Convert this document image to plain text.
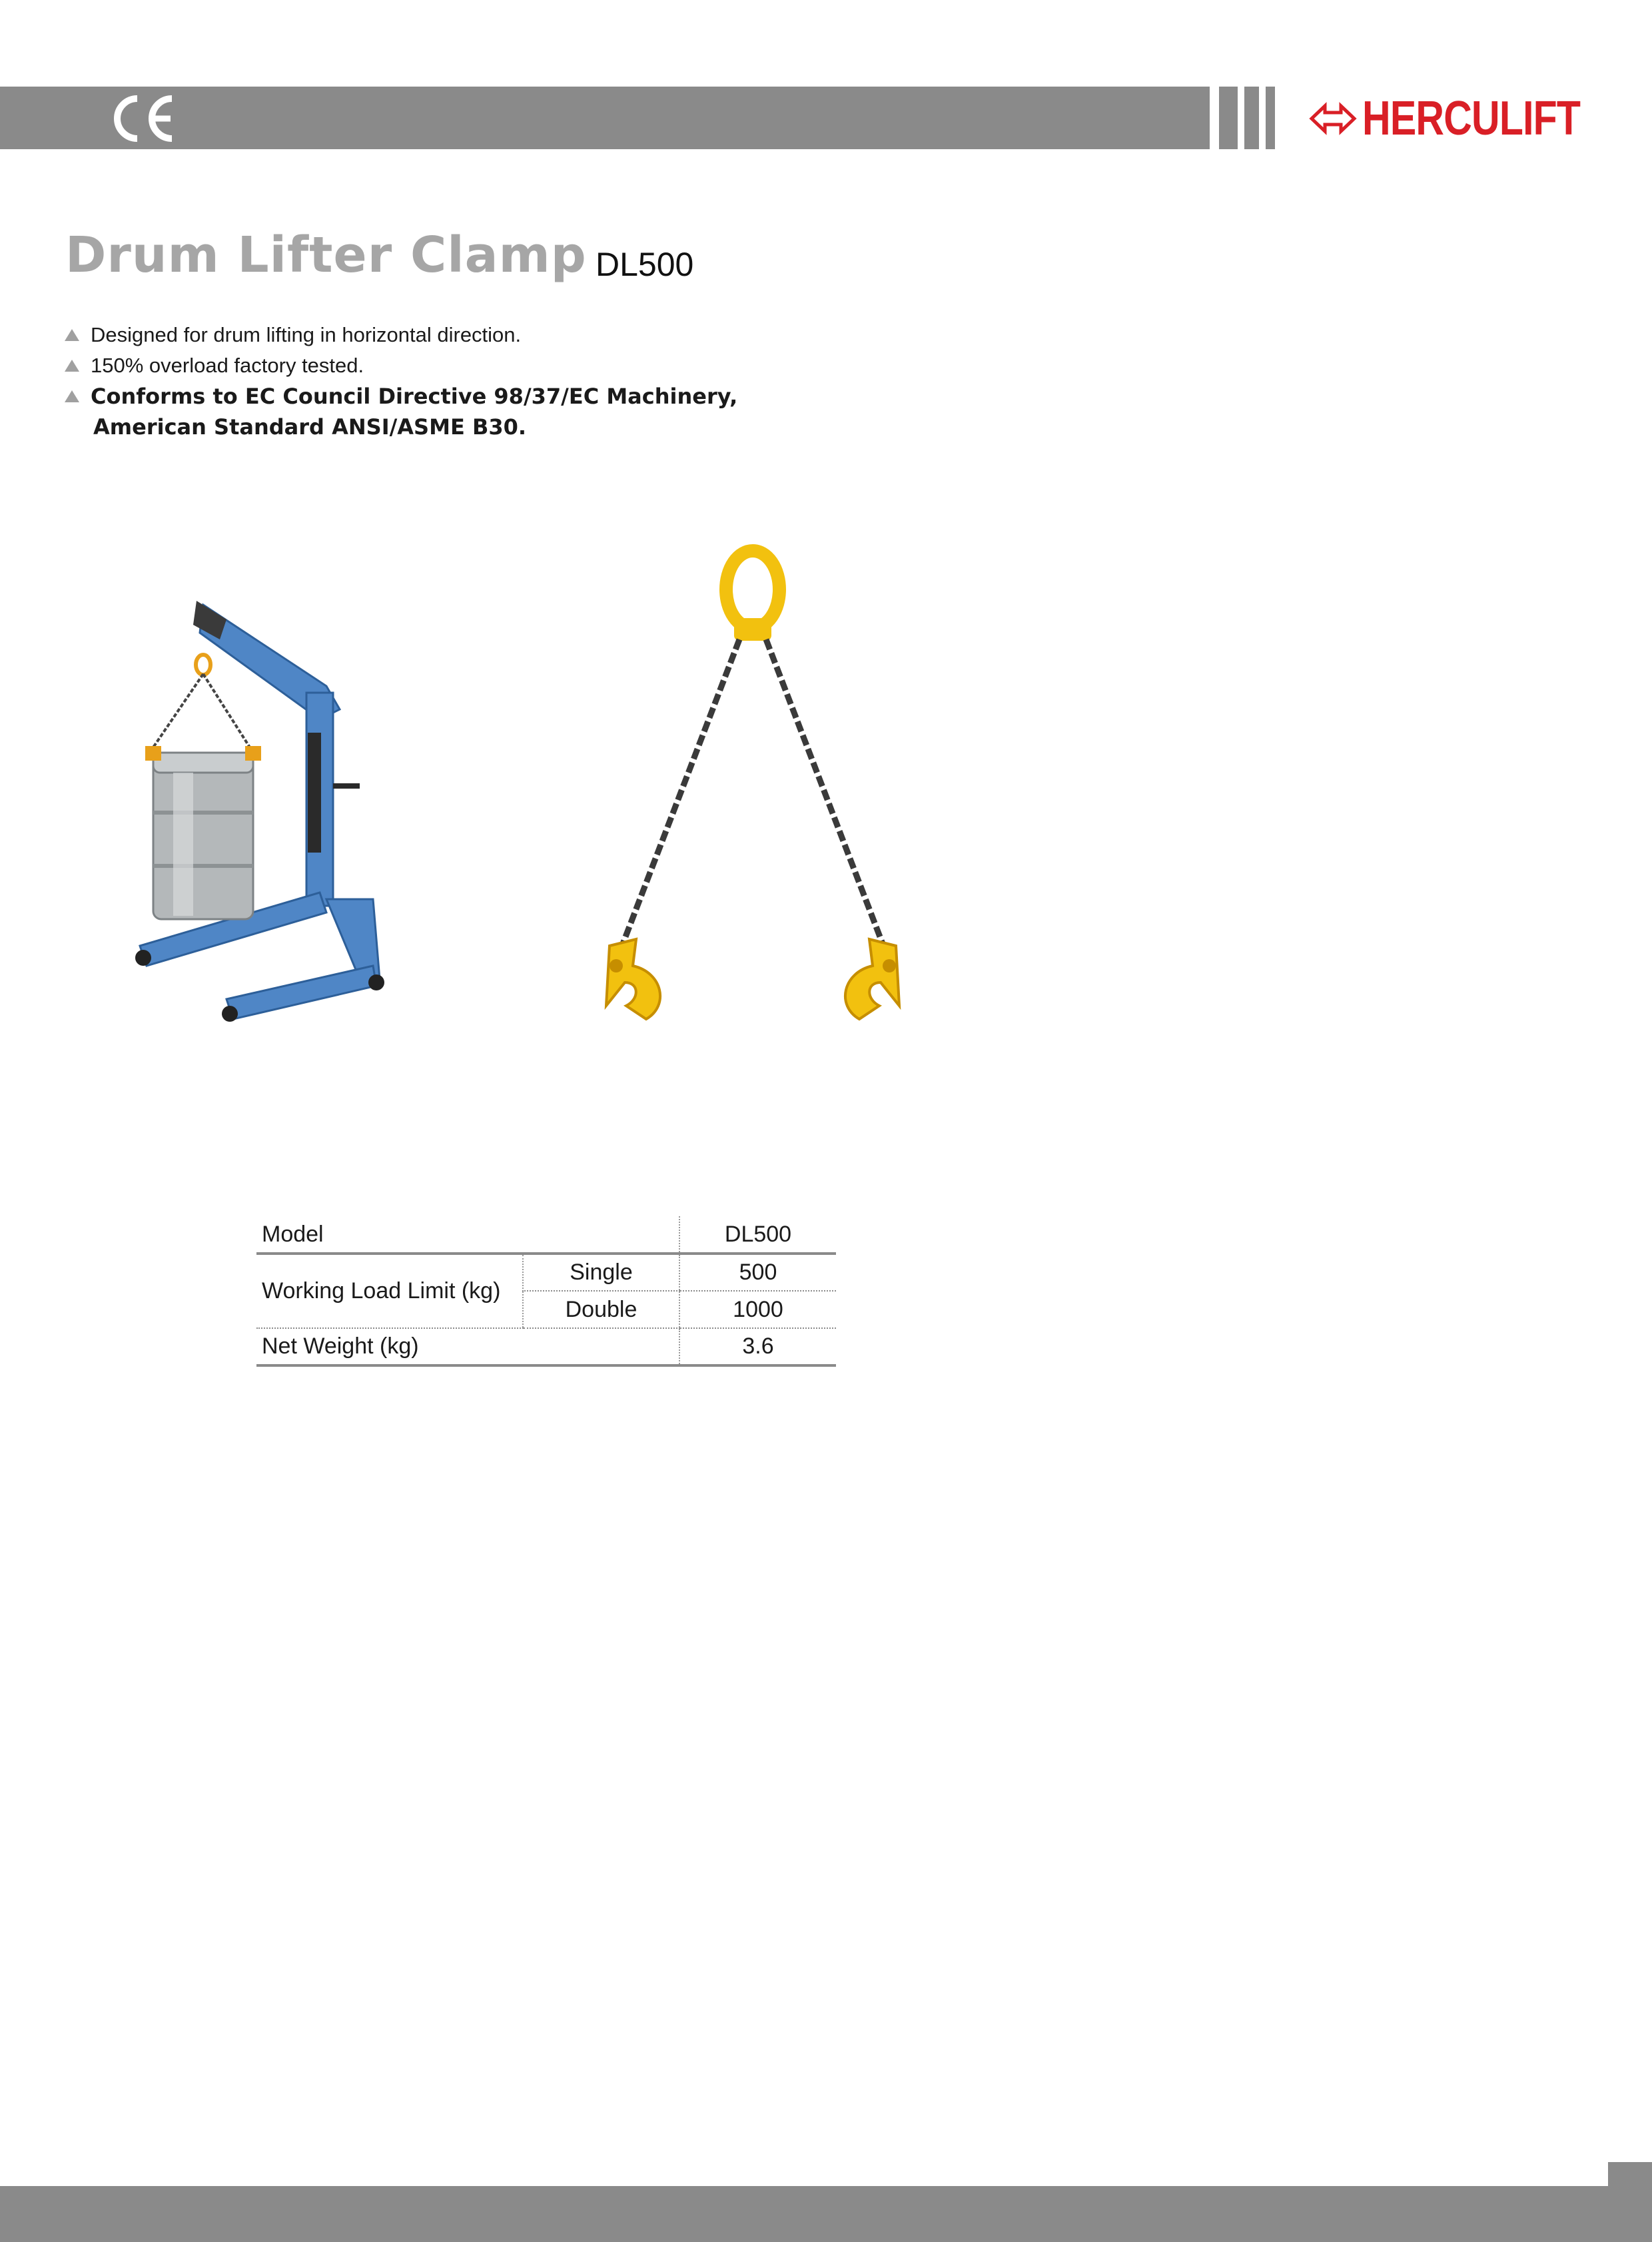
HERCULIFT
Drum Lifter Clamp DL500
Designed for drum lifting in horizontal direction.
150% overload factory tested.
Conforms to EC Council Directive 98/37/EC Machinery,
American Standard ANSI/ASME B30.
Model		DL500
Working Load Limit (kg)	Single	500
	Double	1000
Net Weight (kg)		3.6
